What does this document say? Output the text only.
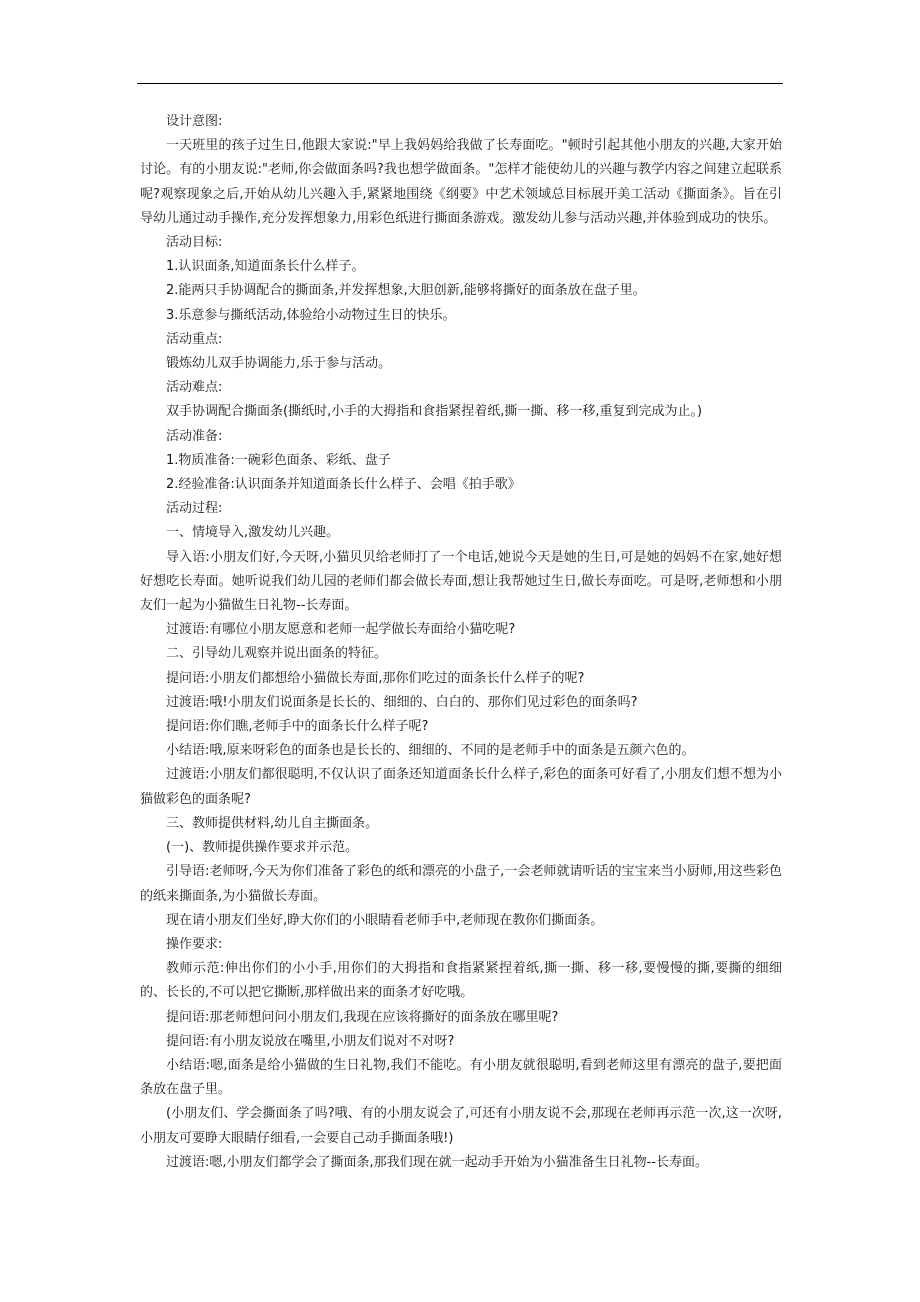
设计意图:

一天班里的孩子过生日,他跟大家说:"早上我妈妈给我做了长寿面吃。"顿时引起其他小朋友的兴趣,大家开始讨论。有的小朋友说:"老师,你会做面条吗?我也想学做面条。"怎样才能使幼儿的兴趣与教学内容之间建立起联系呢?观察现象之后,开始从幼儿兴趣入手,紧紧地围绕《纲要》中艺术领域总目标展开美工活动《撕面条》。旨在引导幼儿通过动手操作,充分发挥想象力,用彩色纸进行撕面条游戏。激发幼儿参与活动兴趣,并体验到成功的快乐。

活动目标:

1.认识面条,知道面条长什么样子。

2.能两只手协调配合的撕面条,并发挥想象,大胆创新,能够将撕好的面条放在盘子里。

3.乐意参与撕纸活动,体验给小动物过生日的快乐。

活动重点:

锻炼幼儿双手协调能力,乐于参与活动。

活动难点:

双手协调配合撕面条(撕纸时,小手的大拇指和食指紧捏着纸,撕一撕、移一移,重复到完成为止。)

活动准备:

1.物质准备:一碗彩色面条、彩纸、盘子

2.经验准备:认识面条并知道面条长什么样子、会唱《拍手歌》

活动过程:

一、情境导入,激发幼儿兴趣。

导入语:小朋友们好,今天呀,小猫贝贝给老师打了一个电话,她说今天是她的生日,可是她的妈妈不在家,她好想好想吃长寿面。她听说我们幼儿园的老师们都会做长寿面,想让我帮她过生日,做长寿面吃。可是呀,老师想和小朋友们一起为小猫做生日礼物--长寿面。

过渡语:有哪位小朋友愿意和老师一起学做长寿面给小猫吃呢?

二、引导幼儿观察并说出面条的特征。

提问语:小朋友们都想给小猫做长寿面,那你们吃过的面条长什么样子的呢?

过渡语:哦!小朋友们说面条是长长的、细细的、白白的、那你们见过彩色的面条吗?

提问语:你们瞧,老师手中的面条长什么样子呢?

小结语:哦,原来呀彩色的面条也是长长的、细细的、不同的是老师手中的面条是五颜六色的。

过渡语:小朋友们都很聪明,不仅认识了面条还知道面条长什么样子,彩色的面条可好看了,小朋友们想不想为小猫做彩色的面条呢?

三、教师提供材料,幼儿自主撕面条。

(一)、教师提供操作要求并示范。

引导语:老师呀,今天为你们准备了彩色的纸和漂亮的小盘子,一会老师就请听话的宝宝来当小厨师,用这些彩色的纸来撕面条,为小猫做长寿面。

现在请小朋友们坐好,睁大你们的小眼睛看老师手中,老师现在教你们撕面条。

操作要求:

教师示范:伸出你们的小小手,用你们的大拇指和食指紧紧捏着纸,撕一撕、移一移,要慢慢的撕,要撕的细细的、长长的,不可以把它撕断,那样做出来的面条才好吃哦。

提问语:那老师想问问小朋友们,我现在应该将撕好的面条放在哪里呢?

提问语:有小朋友说放在嘴里,小朋友们说对不对呀?

小结语:嗯,面条是给小猫做的生日礼物,我们不能吃。有小朋友就很聪明,看到老师这里有漂亮的盘子,要把面条放在盘子里。

(小朋友们、学会撕面条了吗?哦、有的小朋友说会了,可还有小朋友说不会,那现在老师再示范一次,这一次呀,小朋友可要睁大眼睛仔细看,一会要自己动手撕面条哦!)

过渡语:嗯,小朋友们都学会了撕面条,那我们现在就一起动手开始为小猫准备生日礼物--长寿面。
